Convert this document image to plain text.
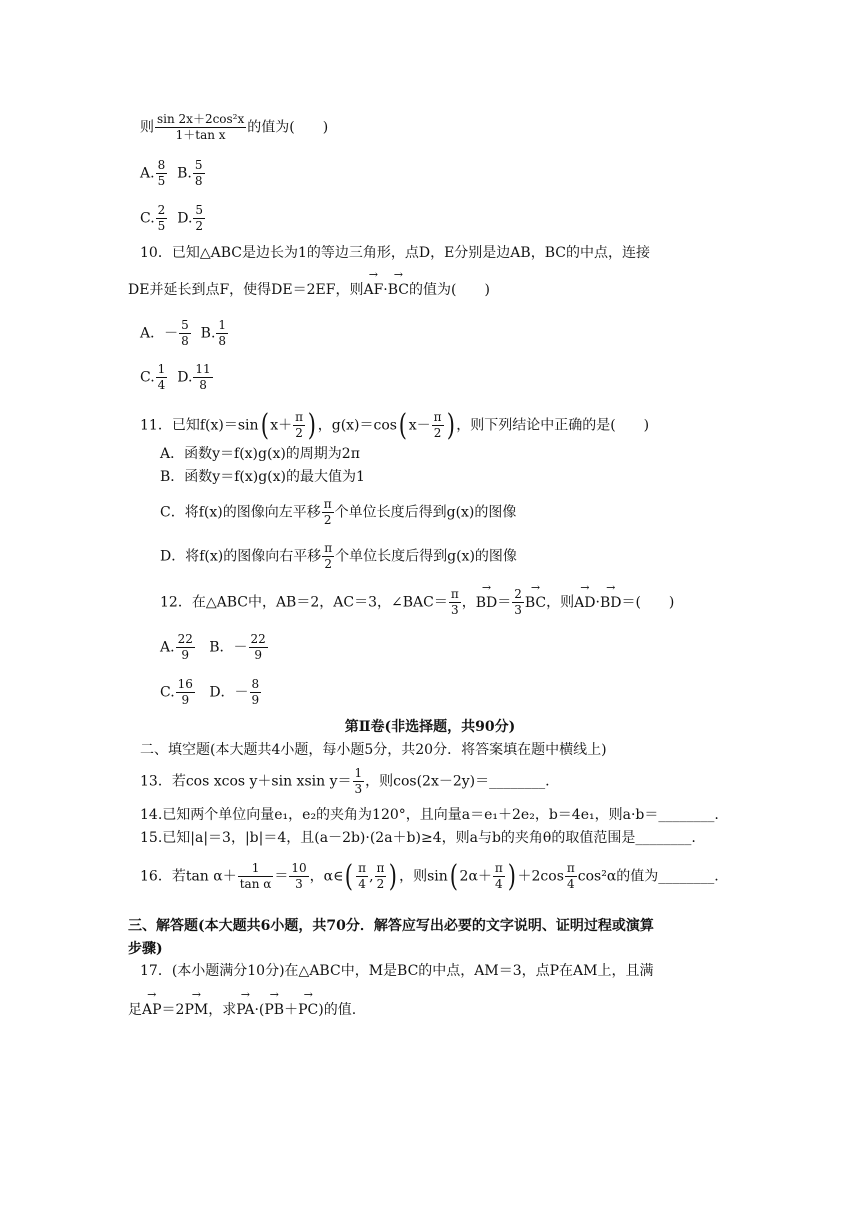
则 $\frac{\text{sin 2x＋2cos²x}}{\text{1＋tan x}}$ 的值为(　　)
A. $\frac{8}{5} B$. $\frac{5}{8}$
C. $\frac{2}{5} D$. $\frac{5}{2}$
10．已知△ABC是边长为1的等边三角形，点D，E分别是边AB，BC的中点，连接
DE并延长到点F，使得DE＝2EF，则→ AF·→ BC的值为(　　)
A．－ $\frac{5}{8} B$. $\frac{1}{8}$
C. $\frac{1}{4} D$. $\frac{11}{8}$
11．已知f(x)＝sin( $x+ \frac{\pi}{2}$ ) ，g(x)＝cos( $x- \frac{\pi}{2}$ ) ，则下列结论中正确的是(　　)
A．函数y＝f(x)g(x)的周期为2π
B．函数y＝f(x)g(x)的最大值为1
C．将f(x)的图像向左平移 $\frac{\pi}{2}$ 个单位长度后得到g(x)的图像
D．将f(x)的图像向右平移 $\frac{\pi}{2}$ 个单位长度后得到g(x)的图像
12．在△ABC中，AB＝2，AC＝3，∠BAC＝ $\frac{\pi}{3}$ ，→ $BD= \frac{2}{3}$
→ BC，则→ AD·→ BD＝(　　)
A. $\frac{22}{9}$ B．－ $\frac{22}{9}$
C. $\frac{16}{9}$ D．－ $\frac{8}{9}$
第Ⅱ卷(非选择题，共90分)
二、填空题(本大题共4小题，每小题5分，共20分．将答案填在题中横线上)
13．若cos xcos y＋sin xsin $y= \frac{1}{3}$ ，则cos(2x－2y)＝________.
14.已知两个单位向量e₁，e₂的夹角为120°，且向量a＝e₁＋2e₂，b＝4e₁，则a·b＝________.
15.已知|a|＝3，|b|＝4，且(a－2b)·(2a＋b)≥4，则a与b的夹角θ的取值范围是________.
16．若$\tan \alpha+ \frac{1}{\text{tan α}} = \frac{10}{3}$ ，α∈( $\frac{\pi}{4}$ , $\frac{\pi}{2}$ ) ，则sin( $2\alpha+ \frac{\pi}{4}$ ) $+2\cos \frac{\pi}{4} \cos^2\alpha$的值为________.
三、解答题(本大题共6小题，共70分．解答应写出必要的文字说明、证明过程或演算
步骤)
17．(本小题满分10分)在△ABC中，M是BC的中点，AM＝3，点P在AM上，且满
足→ AP＝2→ PM，求→ PA·(→ PB＋→ PC)的值.
